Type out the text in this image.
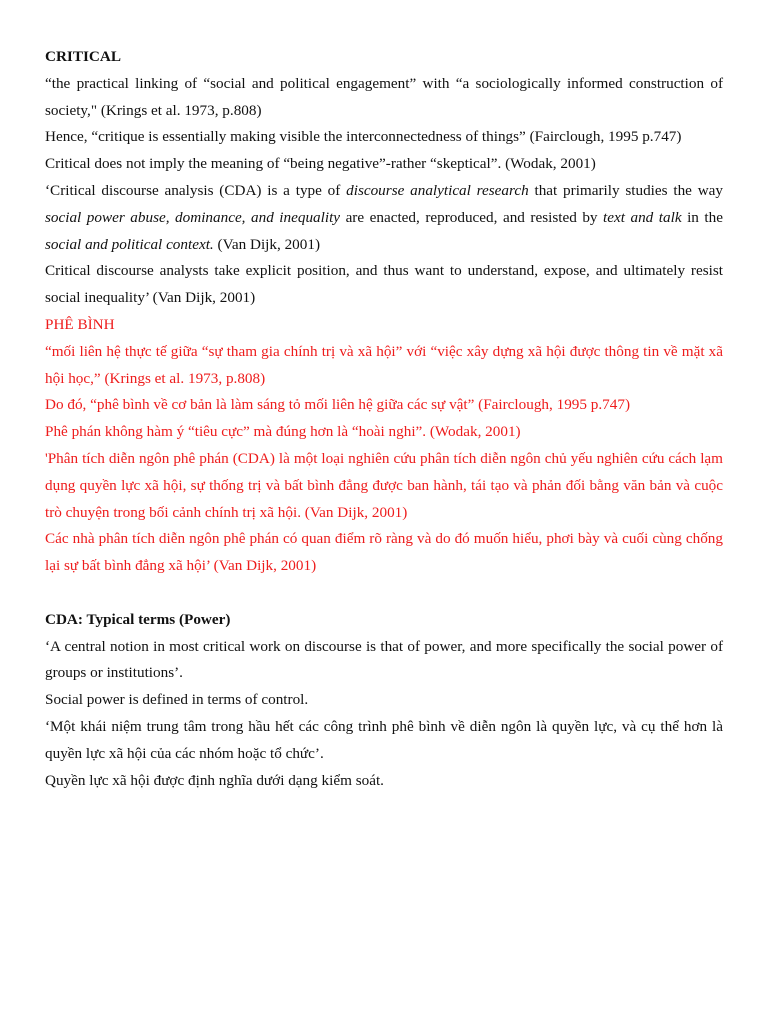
CRITICAL

“the practical linking of “social and political engagement” with “a sociologically informed construction of society," (Krings et al. 1973, p.808)

Hence, “critique is essentially making visible the interconnectedness of things” (Fairclough, 1995 p.747)

Critical does not imply the meaning of “being negative”-rather “skeptical”. (Wodak, 2001)

‘Critical discourse analysis (CDA) is a type of discourse analytical research that primarily studies the way social power abuse, dominance, and inequality are enacted, reproduced, and resisted by text and talk in the social and political context. (Van Dijk, 2001)

Critical discourse analysts take explicit position, and thus want to understand, expose, and ultimately resist social inequality’ (Van Dijk, 2001)

PHÊ BÌNH

“mối liên hệ thực tế giữa “sự tham gia chính trị và xã hội” với “việc xây dựng xã hội được thông tin về mặt xã hội học,” (Krings et al. 1973, p.808)

Do đó, “phê bình về cơ bản là làm sáng tỏ mối liên hệ giữa các sự vật” (Fairclough, 1995 p.747)

Phê phán không hàm ý “tiêu cực” mà đúng hơn là “hoài nghi”. (Wodak, 2001)

'Phân tích diễn ngôn phê phán (CDA) là một loại nghiên cứu phân tích diễn ngôn chủ yếu nghiên cứu cách lạm dụng quyền lực xã hội, sự thống trị và bất bình đẳng được ban hành, tái tạo và phản đối bằng văn bản và cuộc trò chuyện trong bối cảnh chính trị xã hội. (Van Dijk, 2001)

Các nhà phân tích diễn ngôn phê phán có quan điểm rõ ràng và do đó muốn hiểu, phơi bày và cuối cùng chống lại sự bất bình đẳng xã hội’ (Van Dijk, 2001)

CDA: Typical terms (Power)

‘A central notion in most critical work on discourse is that of power, and more specifically the social power of groups or institutions’.

Social power is defined in terms of control.

‘Một khái niệm trung tâm trong hầu hết các công trình phê bình về diễn ngôn là quyền lực, và cụ thể hơn là quyền lực xã hội của các nhóm hoặc tổ chức’.

Quyền lực xã hội được định nghĩa dưới dạng kiểm soát.
